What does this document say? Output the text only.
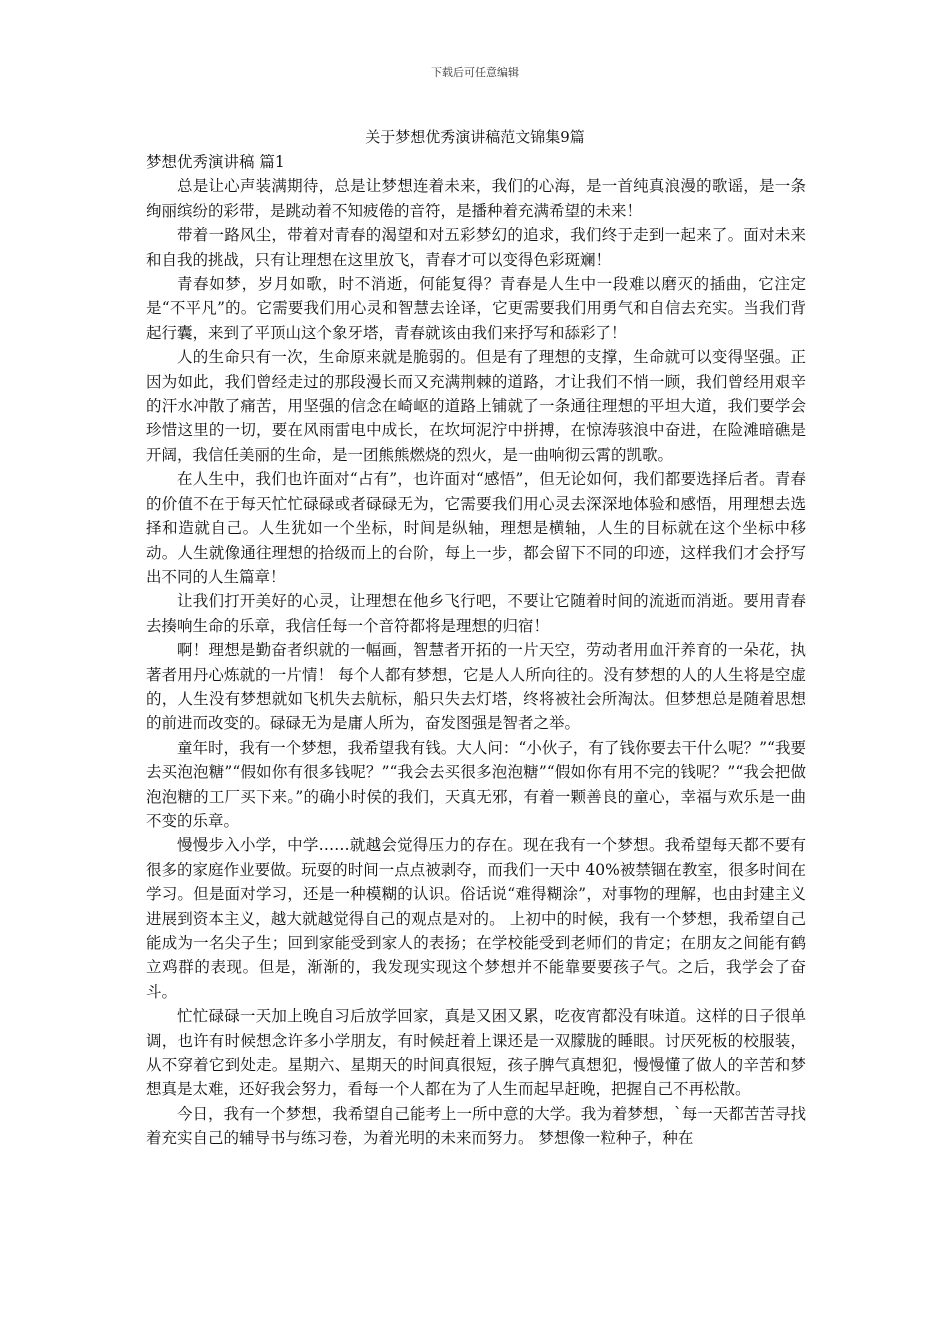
下载后可任意编辑
关于梦想优秀演讲稿范文锦集9篇
梦想优秀演讲稿 篇1

总是让心声装满期待，总是让梦想连着未来，我们的心海，是一首纯真浪漫的歌谣，是一条绚丽缤纷的彩带，是跳动着不知疲倦的音符，是播种着充满希望的未来！

带着一路风尘，带着对青春的渴望和对五彩梦幻的追求，我们终于走到一起来了。面对未来和自我的挑战，只有让理想在这里放飞，青春才可以变得色彩斑斓！

青春如梦，岁月如歌，时不消逝，何能复得？青春是人生中一段难以磨灭的插曲，它注定是“不平凡”的。它需要我们用心灵和智慧去诠译，它更需要我们用勇气和自信去充实。当我们背起行囊，来到了平顶山这个象牙塔，青春就该由我们来抒写和舔彩了！

人的生命只有一次，生命原来就是脆弱的。但是有了理想的支撑，生命就可以变得坚强。正因为如此，我们曾经走过的那段漫长而又充满荆棘的道路，才让我们不悄一顾，我们曾经用艰辛的汗水冲散了痛苦，用坚强的信念在崎岖的道路上铺就了一条通往理想的平坦大道，我们要学会珍惜这里的一切，要在风雨雷电中成长，在坎坷泥泞中拼搏，在惊涛骇浪中奋进，在险滩暗礁是开阔，我信任美丽的生命，是一团熊熊燃烧的烈火，是一曲响彻云霄的凯歌。

在人生中，我们也许面对“占有”，也许面对“感悟”，但无论如何，我们都要选择后者。青春的价值不在于每天忙忙碌碌或者碌碌无为，它需要我们用心灵去深深地体验和感悟，用理想去选择和造就自己。人生犹如一个坐标，时间是纵轴，理想是横轴，人生的目标就在这个坐标中移动。人生就像通往理想的拾级而上的台阶，每上一步，都会留下不同的印迹，这样我们才会抒写出不同的人生篇章！

让我们打开美好的心灵，让理想在他乡飞行吧，不要让它随着时间的流逝而消逝。要用青春去揍响生命的乐章，我信任每一个音符都将是理想的归宿！

啊！理想是勤奋者织就的一幅画，智慧者开拓的一片天空，劳动者用血汗养育的一朵花，执著者用丹心炼就的一片情！ 每个人都有梦想，它是人人所向往的。没有梦想的人的人生将是空虚的，人生没有梦想就如飞机失去航标，船只失去灯塔，终将被社会所淘汰。但梦想总是随着思想的前进而改变的。碌碌无为是庸人所为，奋发图强是智者之举。

童年时，我有一个梦想，我希望我有钱。大人问：“小伙子，有了钱你要去干什么呢？”“我要去买泡泡糖”“假如你有很多钱呢？”“我会去买很多泡泡糖”“假如你有用不完的钱呢？”“我会把做泡泡糖的工厂买下来。”的确小时侯的我们，天真无邪，有着一颗善良的童心，幸福与欢乐是一曲不变的乐章。

慢慢步入小学，中学……就越会觉得压力的存在。现在我有一个梦想。我希望每天都不要有很多的家庭作业要做。玩耍的时间一点点被剥夺，而我们一天中 40%被禁锢在教室，很多时间在学习。但是面对学习，还是一种模糊的认识。俗话说“难得糊涂”，对事物的理解，也由封建主义进展到资本主义，越大就越觉得自己的观点是对的。 上初中的时候，我有一个梦想，我希望自己能成为一名尖子生；回到家能受到家人的表扬；在学校能受到老师们的肯定；在朋友之间能有鹤立鸡群的表现。但是，渐渐的，我发现实现这个梦想并不能靠要要孩子气。之后，我学会了奋斗。

忙忙碌碌一天加上晚自习后放学回家，真是又困又累，吃夜宵都没有味道。这样的日子很单调，也许有时候想念许多小学朋友，有时候赶着上课还是一双朦胧的睡眼。讨厌死板的校服装，从不穿着它到处走。星期六、星期天的时间真很短，孩子脾气真想犯，慢慢懂了做人的辛苦和梦想真是太难，还好我会努力，看每一个人都在为了人生而起早赶晚，把握自己不再松散。

今日，我有一个梦想，我希望自己能考上一所中意的大学。我为着梦想，`每一天都苦苦寻找着充实自己的辅导书与练习卷，为着光明的未来而努力。 梦想像一粒种子，种在
